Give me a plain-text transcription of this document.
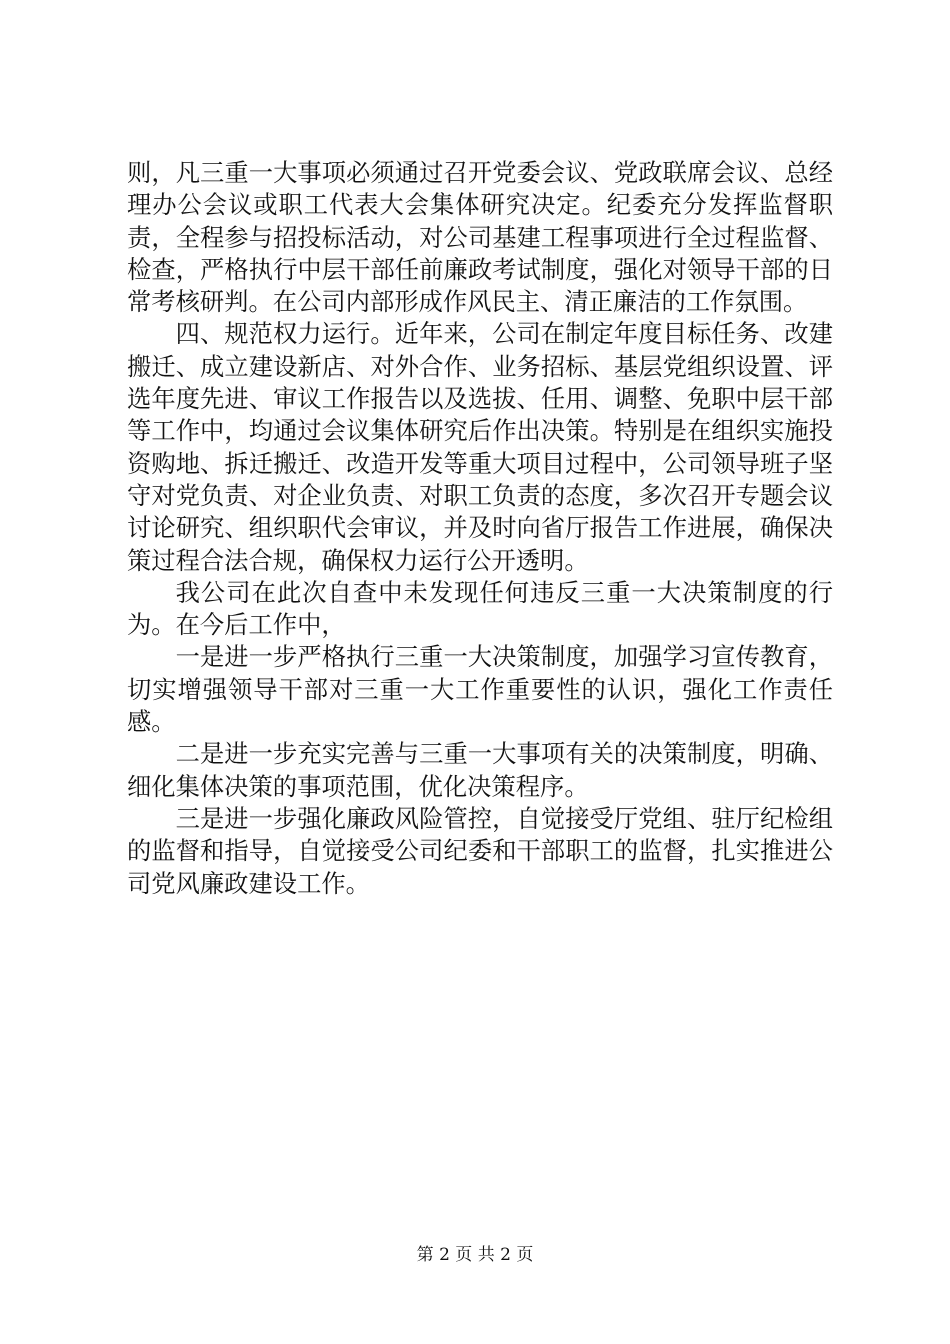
则，凡三重一大事项必须通过召开党委会议、党政联席会议、总经理办公会议或职工代表大会集体研究决定。纪委充分发挥监督职责，全程参与招投标活动，对公司基建工程事项进行全过程监督、检查，严格执行中层干部任前廉政考试制度，强化对领导干部的日常考核研判。在公司内部形成作风民主、清正廉洁的工作氛围。

四、规范权力运行。近年来，公司在制定年度目标任务、改建搬迁、成立建设新店、对外合作、业务招标、基层党组织设置、评选年度先进、审议工作报告以及选拔、任用、调整、免职中层干部等工作中，均通过会议集体研究后作出决策。特别是在组织实施投资购地、拆迁搬迁、改造开发等重大项目过程中，公司领导班子坚守对党负责、对企业负责、对职工负责的态度，多次召开专题会议讨论研究、组织职代会审议，并及时向省厅报告工作进展，确保决策过程合法合规，确保权力运行公开透明。

我公司在此次自查中未发现任何违反三重一大决策制度的行为。在今后工作中，

一是进一步严格执行三重一大决策制度，加强学习宣传教育，切实增强领导干部对三重一大工作重要性的认识，强化工作责任感。

二是进一步充实完善与三重一大事项有关的决策制度，明确、细化集体决策的事项范围，优化决策程序。

三是进一步强化廉政风险管控，自觉接受厅党组、驻厅纪检组的监督和指导，自觉接受公司纪委和干部职工的监督，扎实推进公司党风廉政建设工作。

第 2 页 共 2 页
